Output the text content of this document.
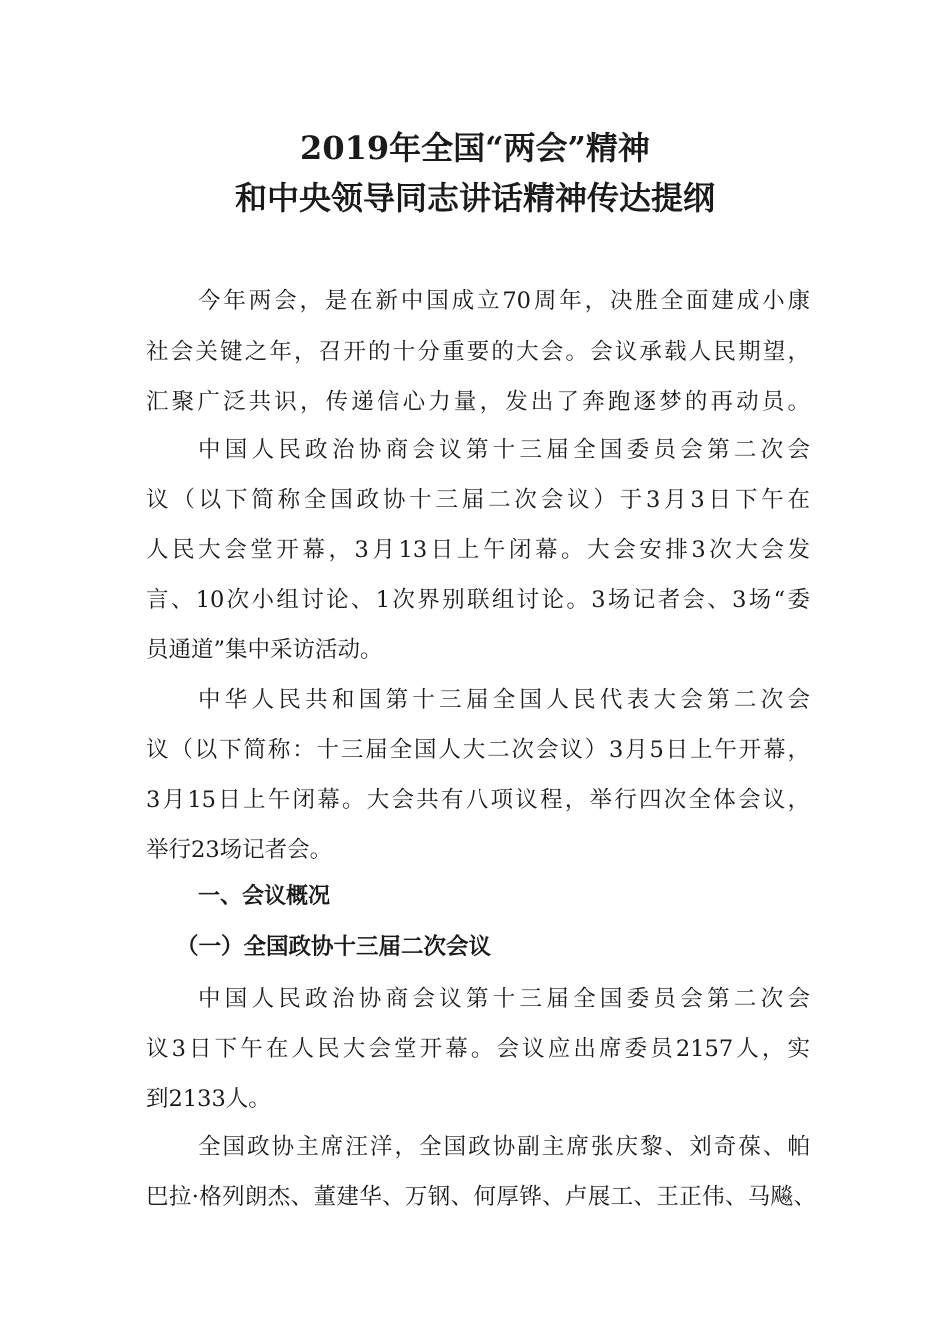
2019年全国“两会”精神
和中央领导同志讲话精神传达提纲
今年两会，是在新中国成立70周年，决胜全面建成小康
社会关键之年，召开的十分重要的大会。会议承载人民期望，
汇聚广泛共识，传递信心力量，发出了奔跑逐梦的再动员。
中国人民政治协商会议第十三届全国委员会第二次会
议（以下简称全国政协十三届二次会议）于3月3日下午在
人民大会堂开幕，3月13日上午闭幕。大会安排3次大会发
言、10次小组讨论、1次界别联组讨论。3场记者会、3场“委
员通道”集中采访活动。
中华人民共和国第十三届全国人民代表大会第二次会
议（以下简称：十三届全国人大二次会议）3月5日上午开幕，
3月15日上午闭幕。大会共有八项议程，举行四次全体会议，
举行23场记者会。
一、会议概况
（一）全国政协十三届二次会议
中国人民政治协商会议第十三届全国委员会第二次会
议3日下午在人民大会堂开幕。会议应出席委员2157人，实
到2133人。
全国政协主席汪洋，全国政协副主席张庆黎、刘奇葆、帕
巴拉·格列朗杰、董建华、万钢、何厚铧、卢展工、王正伟、马飚、
